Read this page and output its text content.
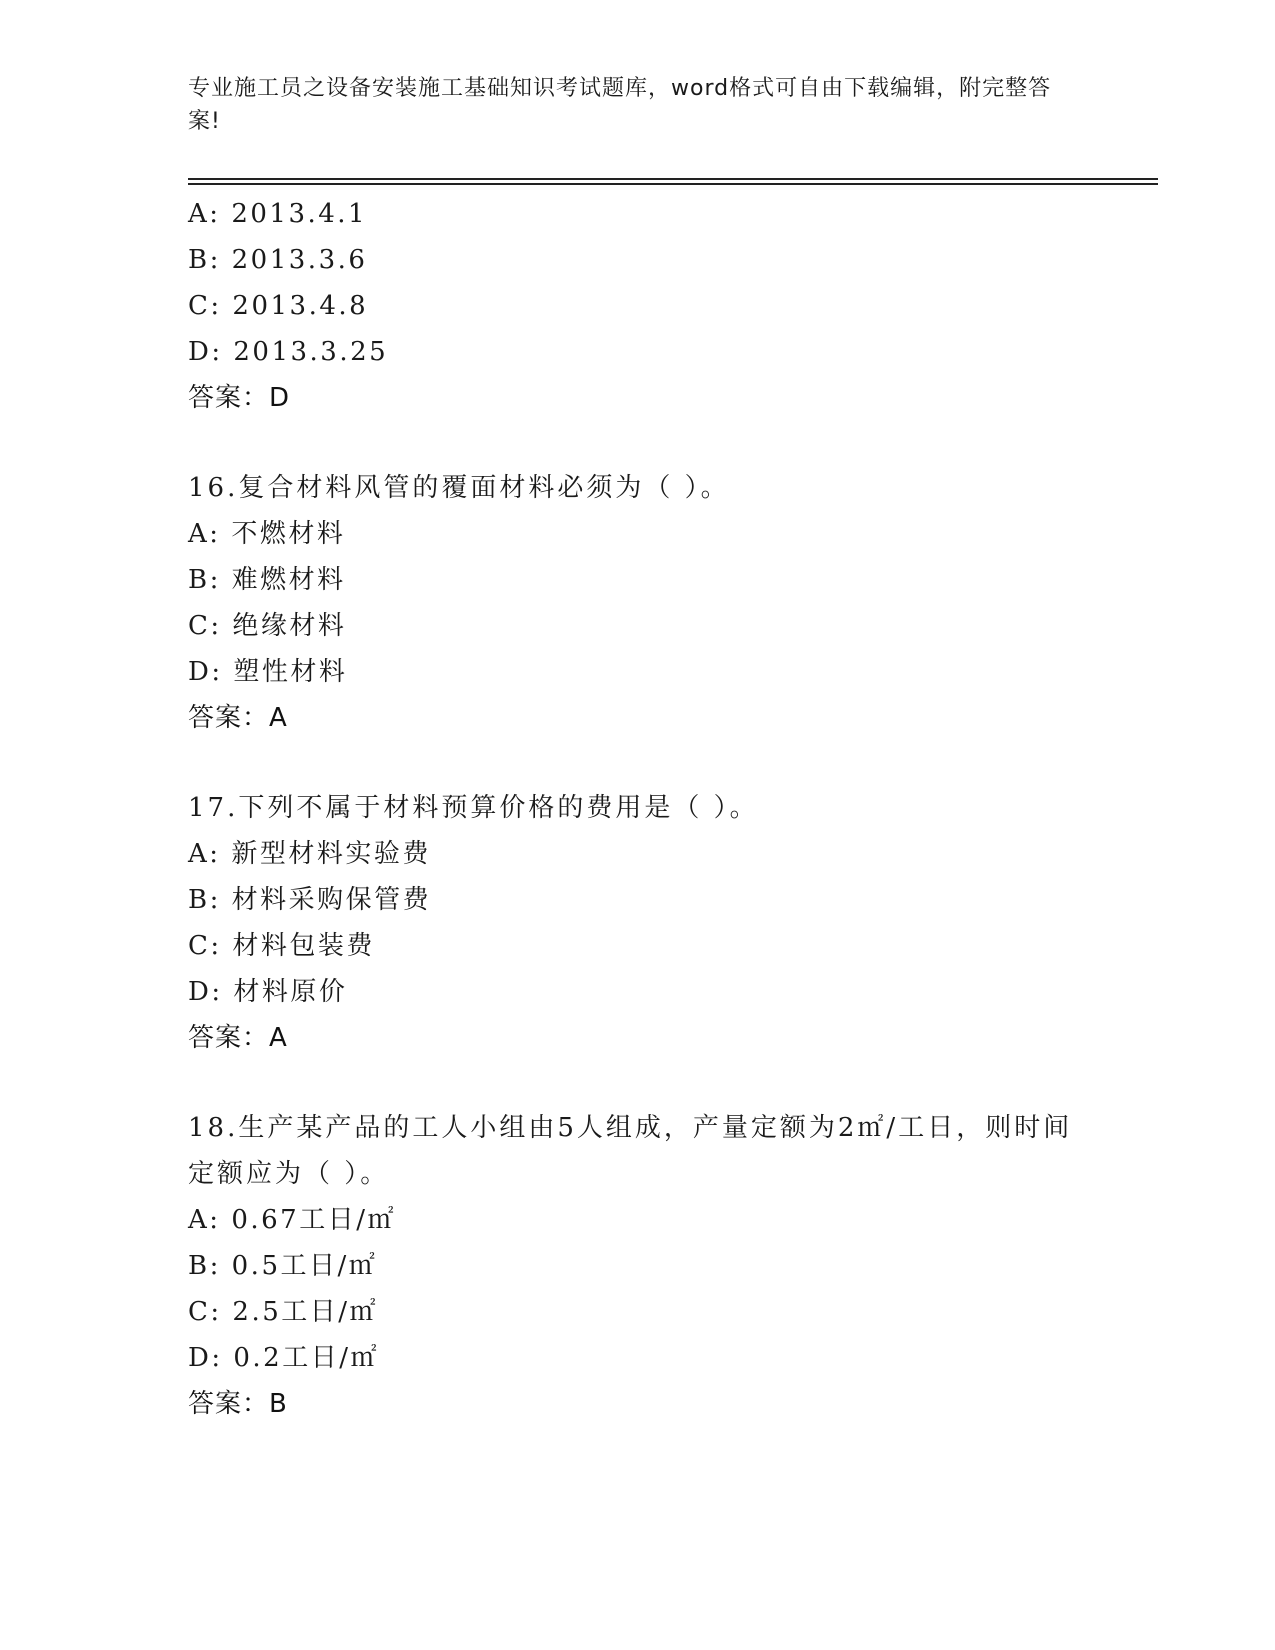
专业施工员之设备安装施工基础知识考试题库，word格式可自由下载编辑，附完整答案!
A: 2013.4.1
B: 2013.3.6
C: 2013.4.8
D: 2013.3.25
答案：D
16.复合材料风管的覆面材料必须为（ ）。
A: 不燃材料
B: 难燃材料
C: 绝缘材料
D: 塑性材料
答案：A
17.下列不属于材料预算价格的费用是（ ）。
A: 新型材料实验费
B: 材料采购保管费
C: 材料包装费
D: 材料原价
答案：A
18.生产某产品的工人小组由5人组成，产量定额为2㎡/工日，则时间定额应为（ ）。
A: 0.67工日/㎡
B: 0.5工日/㎡
C: 2.5工日/㎡
D: 0.2工日/㎡
答案：B
